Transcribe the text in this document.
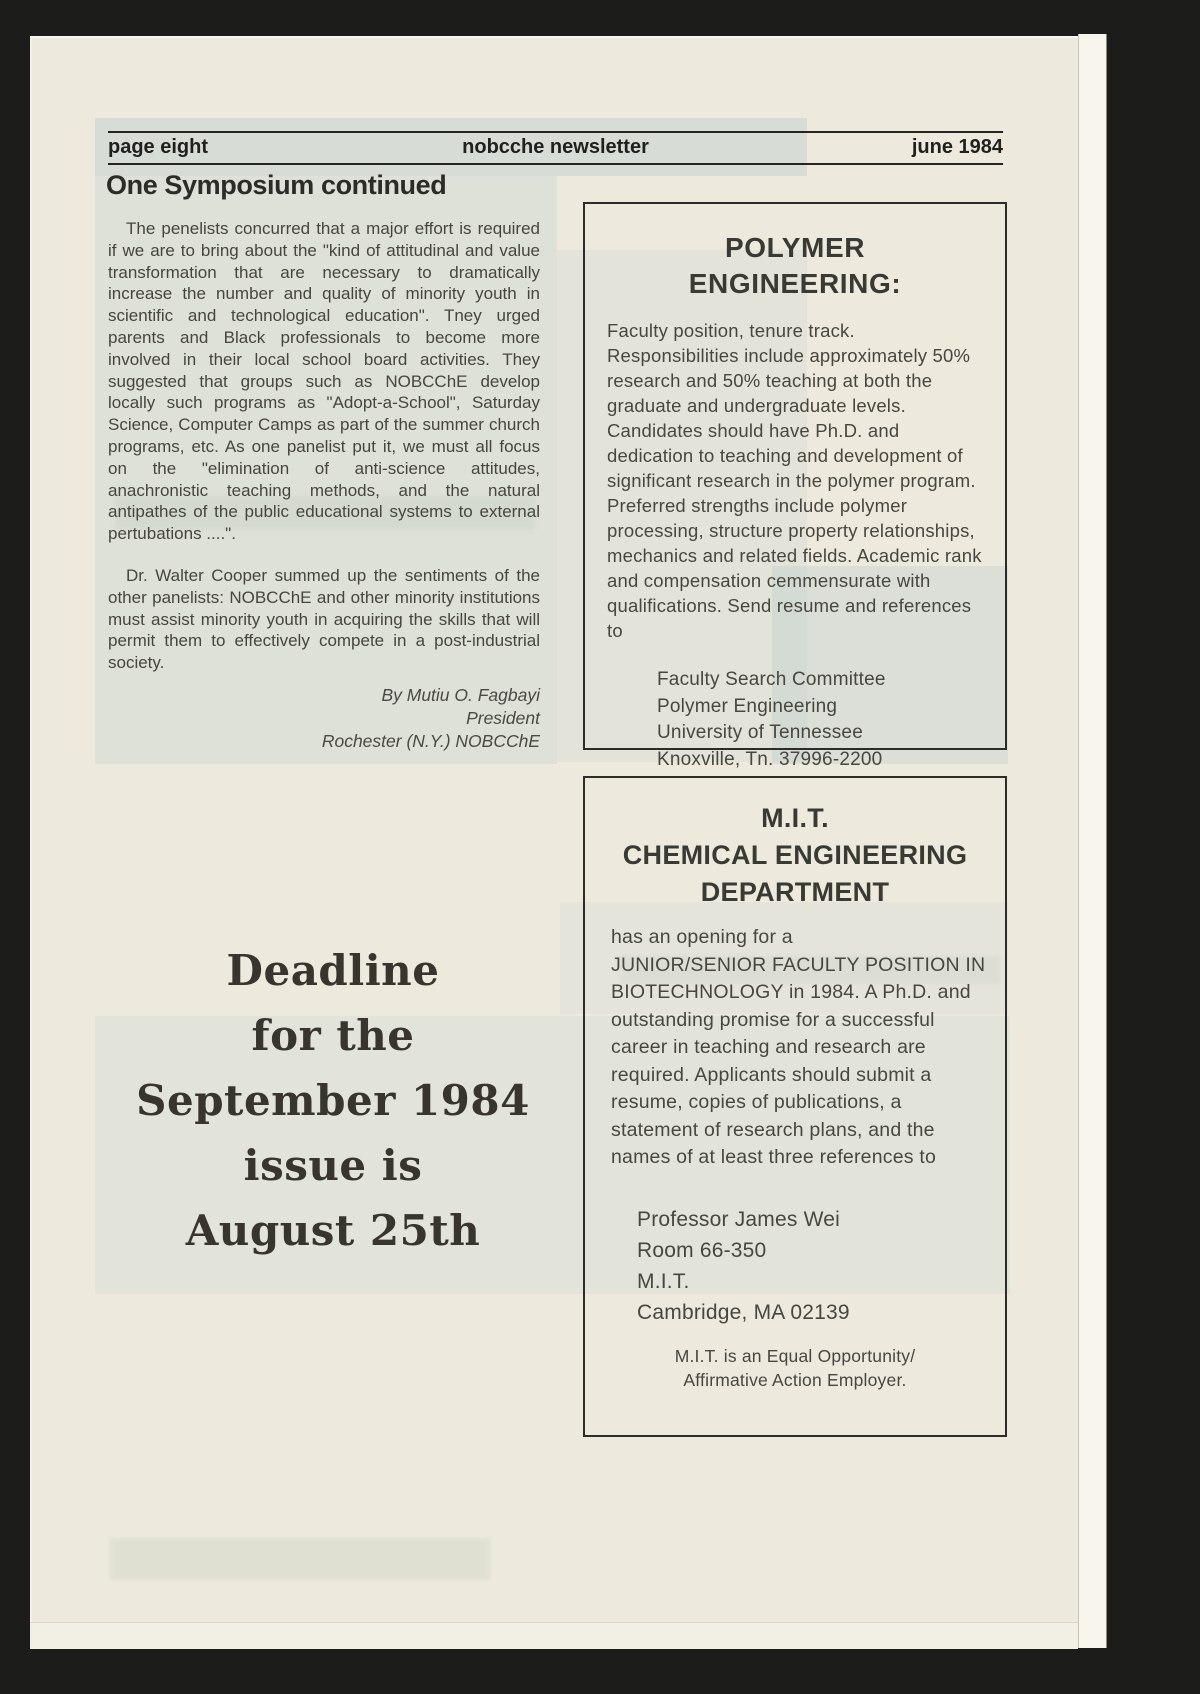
page eight	nobcche newsletter	june 1984
One Symposium continued

The penelists concurred that a major effort is required if we are to bring about the "kind of attitudinal and value transformation that are necessary to dramatically increase the number and quality of minority youth in scientific and technological education". Tney urged parents and Black professionals to become more involved in their local school board activities. They suggested that groups such as NOBCChE develop locally such programs as "Adopt-a-School", Saturday Science, Computer Camps as part of the summer church programs, etc. As one panelist put it, we must all focus on the "elimination of anti-science attitudes, anachronistic teaching methods, and the natural antipathes of the public educational systems to external pertubations ....".

Dr. Walter Cooper summed up the sentiments of the other panelists: NOBCChE and other minority institutions must assist minority youth in acquiring the skills that will permit them to effectively compete in a post-industrial society.

By Mutiu O. Fagbayi
President
Rochester (N.Y.) NOBCChE
Deadline
for the
September 1984
issue is
August 25th
POLYMER
ENGINEERING:
Faculty position, tenure track. Responsibilities include approximately 50% research and 50% teaching at both the graduate and undergraduate levels. Candidates should have Ph.D. and dedication to teaching and development of significant research in the polymer program. Preferred strengths include polymer processing, structure property relationships, mechanics and related fields. Academic rank and compensation cemmensurate with qualifications. Send resume and references to
Faculty Search Committee
Polymer Engineering
University of Tennessee
Knoxville, Tn. 37996-2200
M.I.T.
CHEMICAL ENGINEERING
DEPARTMENT
has an opening for a
JUNIOR/SENIOR FACULTY POSITION IN BIOTECHNOLOGY in 1984. A Ph.D. and outstanding promise for a successful career in teaching and research are required. Applicants should submit a resume, copies of publications, a statement of research plans, and the names of at least three references to
Professor James Wei
Room 66-350
M.I.T.
Cambridge, MA 02139
M.I.T. is an Equal Opportunity/
Affirmative Action Employer.
